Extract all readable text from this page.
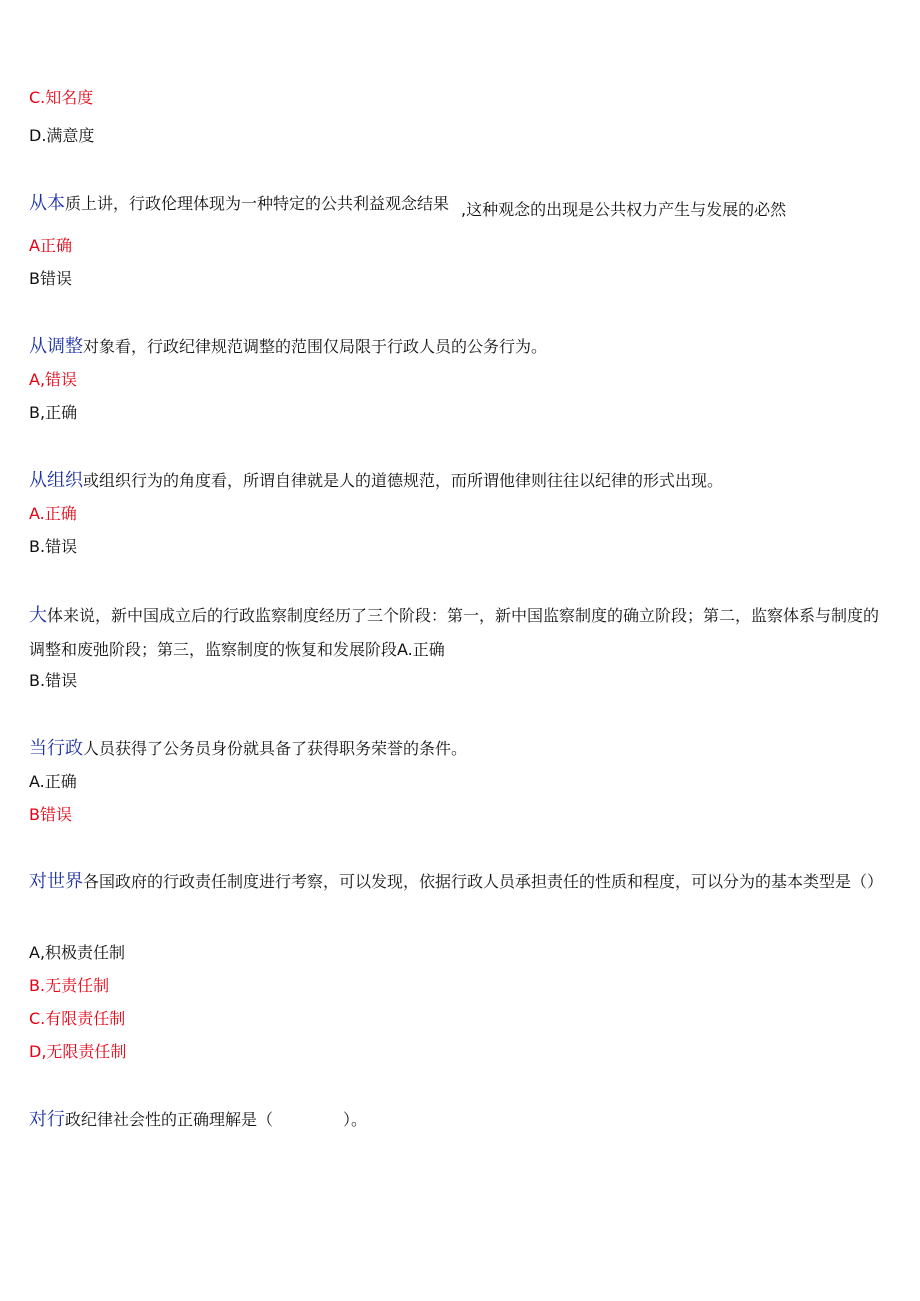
C.知名度
D.满意度
从本质上讲，行政伦理体现为一种特定的公共利益观念结果 ,这种观念的出现是公共权力产生与发展的必然
A正确
B错误
从调整对象看，行政纪律规范调整的范围仅局限于行政人员的公务行为。
A,错误
B,正确
从组织或组织行为的角度看，所谓自律就是人的道德规范，而所谓他律则往往以纪律的形式出现。
A.正确
B.错误
大体来说，新中国成立后的行政监察制度经历了三个阶段：第一，新中国监察制度的确立阶段；第二，监察体系与制度的调整和废弛阶段；第三，监察制度的恢复和发展阶段A.正确
B.错误
当行政人员获得了公务员身份就具备了获得职务荣誉的条件。
A.正确
B错误
对世界各国政府的行政责任制度进行考察，可以发现，依据行政人员承担责任的性质和程度，可以分为的基本类型是（）
A,积极责任制
B.无责任制
C.有限责任制
D,无限责任制
对行政纪律社会性的正确理解是（	）。
